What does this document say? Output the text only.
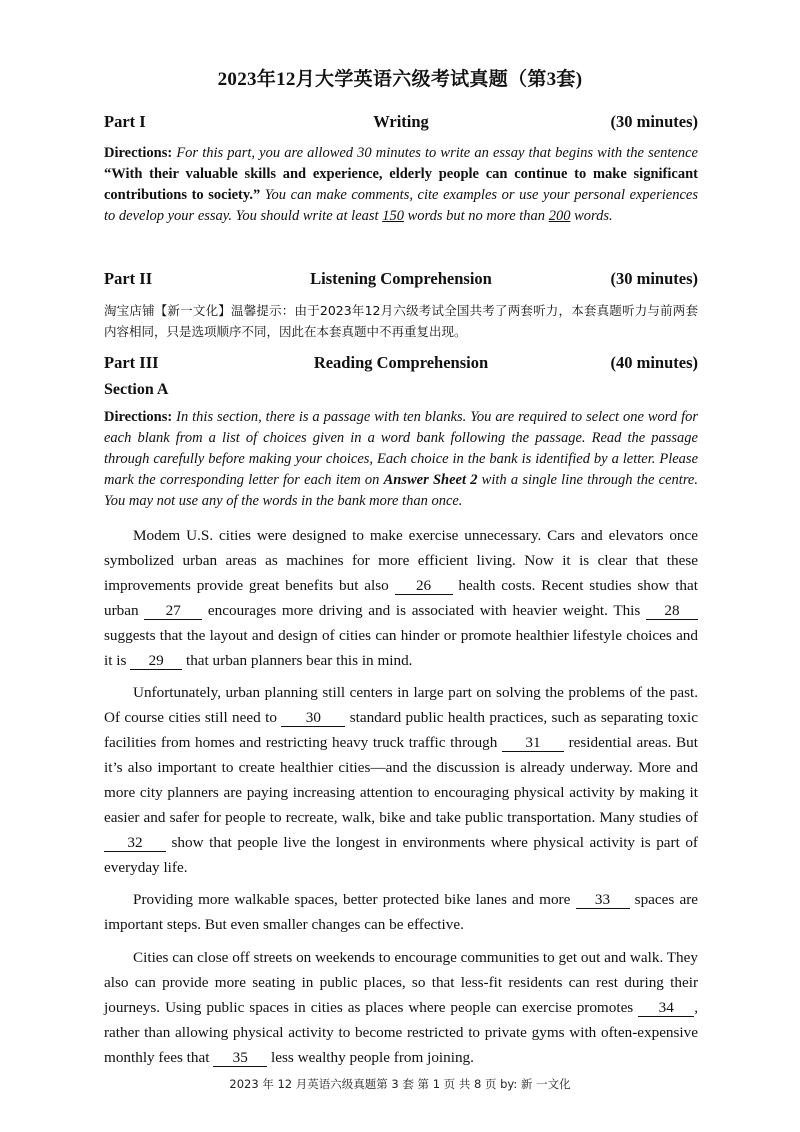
2023年12月大学英语六级考试真题（第3套)
Part I	Writing	(30 minutes)
Directions: For this part, you are allowed 30 minutes to write an essay that begins with the sentence “With their valuable skills and experience, elderly people can continue to make significant contributions to society.” You can make comments, cite examples or use your personal experiences to develop your essay. You should write at least 150 words but no more than 200 words.
Part II	Listening Comprehension	(30 minutes)
淘宝店铺【新一文化】温馨提示：由于2023年12月六级考试全国共考了两套听力，本套真题听力与前两套内容相同，只是选项顺序不同，因此在本套真题中不再重复出现。
Part III	Reading Comprehension	(40 minutes)
Section A
Directions: In this section, there is a passage with ten blanks. You are required to select one word for each blank from a list of choices given in a word bank following the passage. Read the passage through carefully before making your choices, Each choice in the bank is identified by a letter. Please mark the corresponding letter for each item on Answer Sheet 2 with a single line through the centre. You may not use any of the words in the bank more than once.
Modem U.S. cities were designed to make exercise unnecessary. Cars and elevators once symbolized urban areas as machines for more efficient living. Now it is clear that these improvements provide great benefits but also 26 health costs. Recent studies show that urban 27 encourages more driving and is associated with heavier weight. This 28 suggests that the layout and design of cities can hinder or promote healthier lifestyle choices and it is 29 that urban planners bear this in mind.
Unfortunately, urban planning still centers in large part on solving the problems of the past. Of course cities still need to 30 standard public health practices, such as separating toxic facilities from homes and restricting heavy truck traffic through 31 residential areas. But it’s also important to create healthier cities—and the discussion is already underway. More and more city planners are paying increasing attention to encouraging physical activity by making it easier and safer for people to recreate, walk, bike and take public transportation. Many studies of 32 show that people live the longest in environments where physical activity is part of everyday life.
Providing more walkable spaces, better protected bike lanes and more 33 spaces are important steps. But even smaller changes can be effective.
Cities can close off streets on weekends to encourage communities to get out and walk. They also can provide more seating in public places, so that less-fit residents can rest during their journeys. Using public spaces in cities as places where people can exercise promotes 34 , rather than allowing physical activity to become restricted to private gyms with often-expensive monthly fees that 35 less wealthy people from joining.
2023 年 12 月英语六级真题第 3 套 第 1 页 共 8 页 by: 新 一文化
